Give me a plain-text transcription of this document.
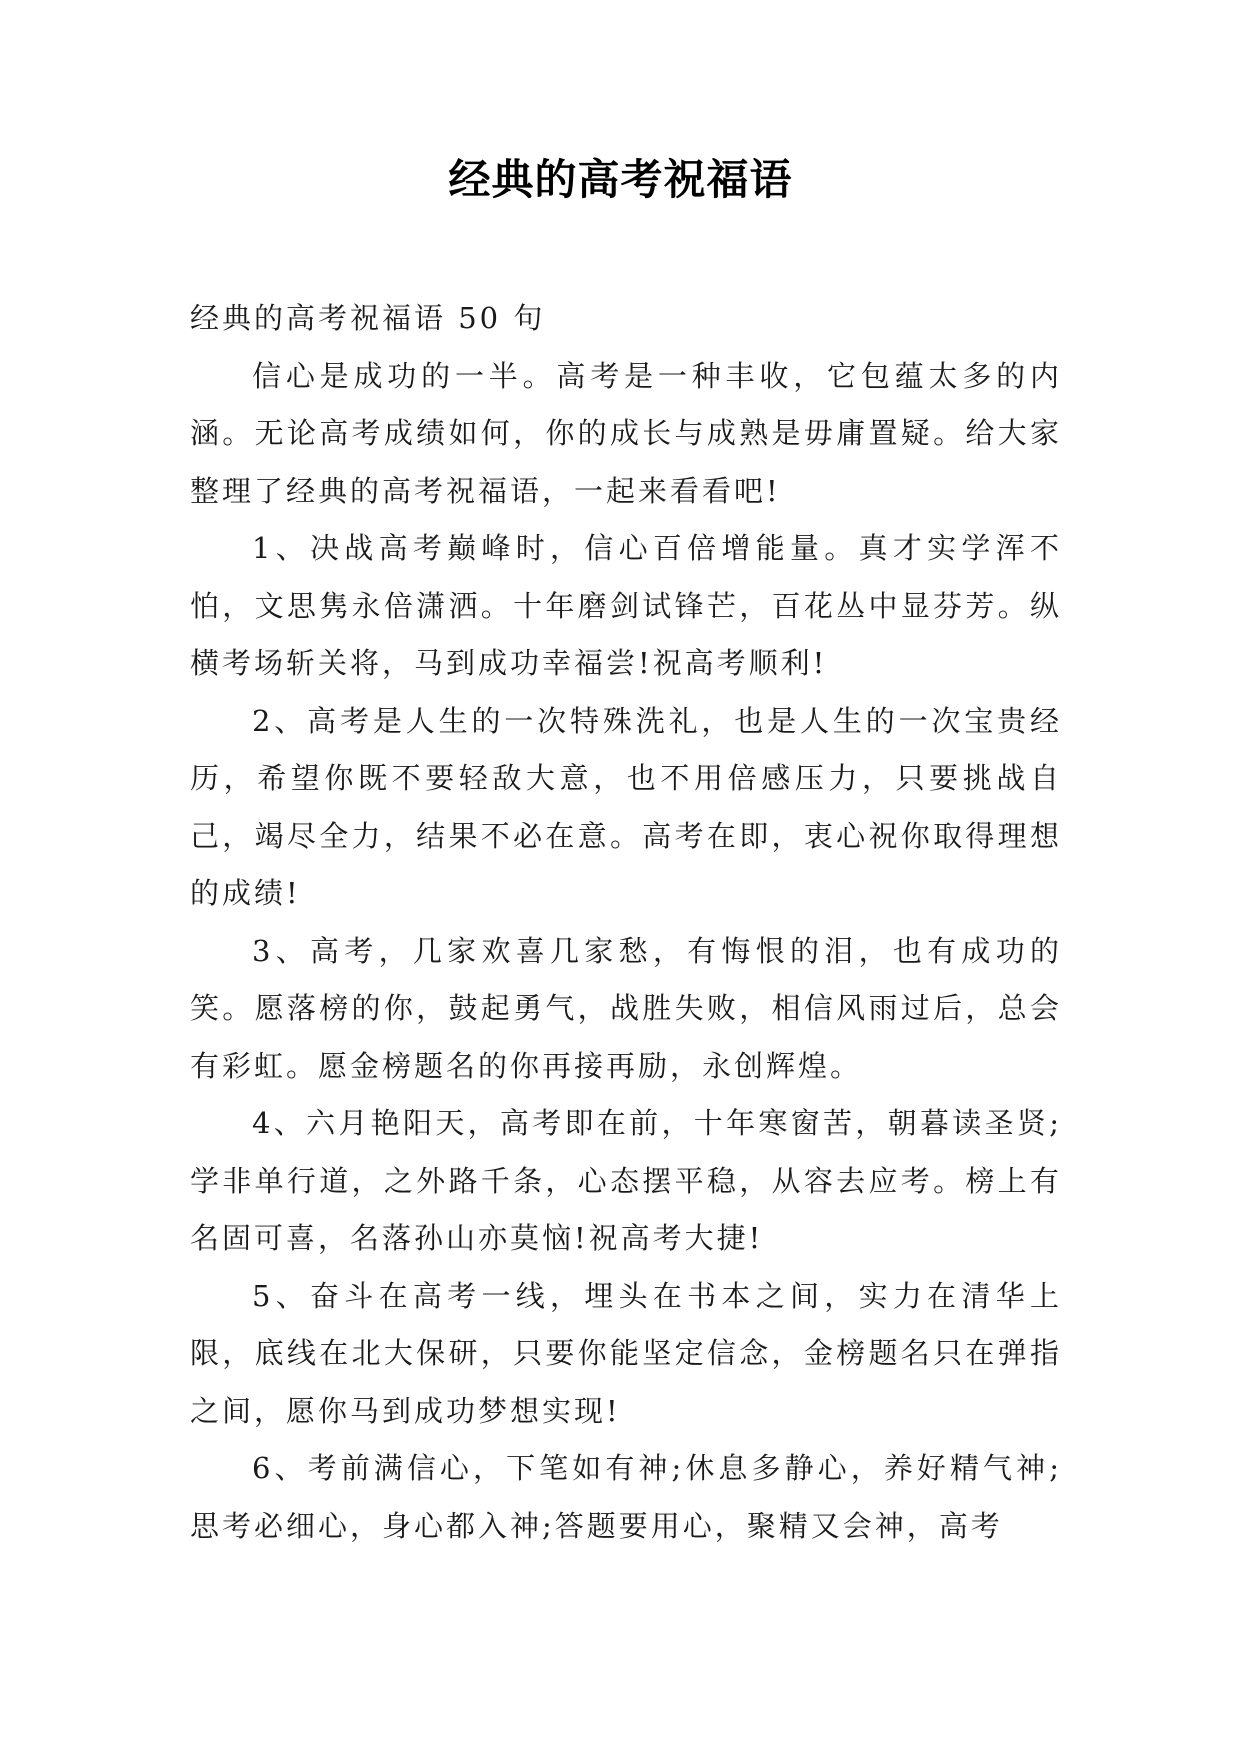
经典的高考祝福语

经典的高考祝福语 50 句

信心是成功的一半。高考是一种丰收，它包蕴太多的内涵。无论高考成绩如何，你的成长与成熟是毋庸置疑。给大家整理了经典的高考祝福语，一起来看看吧!

1、决战高考巅峰时，信心百倍增能量。真才实学浑不怕，文思隽永倍潇洒。十年磨剑试锋芒，百花丛中显芬芳。纵横考场斩关将，马到成功幸福尝!祝高考顺利!

2、高考是人生的一次特殊洗礼，也是人生的一次宝贵经历，希望你既不要轻敌大意，也不用倍感压力，只要挑战自己，竭尽全力，结果不必在意。高考在即，衷心祝你取得理想的成绩!

3、高考，几家欢喜几家愁，有悔恨的泪，也有成功的笑。愿落榜的你，鼓起勇气，战胜失败，相信风雨过后，总会有彩虹。愿金榜题名的你再接再励，永创辉煌。

4、六月艳阳天，高考即在前，十年寒窗苦，朝暮读圣贤;学非单行道，之外路千条，心态摆平稳，从容去应考。榜上有名固可喜，名落孙山亦莫恼!祝高考大捷!

5、奋斗在高考一线，埋头在书本之间，实力在清华上限，底线在北大保研，只要你能坚定信念，金榜题名只在弹指之间，愿你马到成功梦想实现!

6、考前满信心，下笔如有神;休息多静心，养好精气神;思考必细心，身心都入神;答题要用心，聚精又会神，高考
